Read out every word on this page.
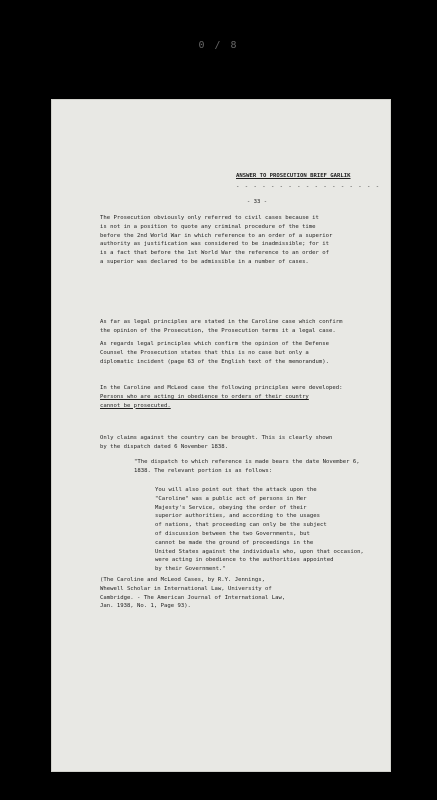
0 / 8
ANSWER TO PROSECUTION BRIEF GARLIK
- - - - - - - - - - - - - - - - -
- 33 -
The Prosecution obviously only referred to civil cases because it
is not in a position to quote any criminal procedure of the time
before the 2nd World War in which reference to an order of a superior
authority as justification was considered to be inadmissible; for it
is a fact that before the 1st World War the reference to an order of
a superior was declared to be admissible in a number of cases.
As far as legal principles are stated in the Caroline case which confirm
the opinion of the Prosecution, the Prosecution terms it a legal case.
As regards legal principles which confirm the opinion of the Defense
Counsel the Prosecution states that this is no case but only a
diplomatic incident (page 63 of the English text of the memorandum).
In the Caroline and McLeod case the following principles were developed:
Persons who are acting in obedience to orders of their country
cannot be prosecuted.
Only claims against the country can be brought. This is clearly shown
by the dispatch dated 6 November 1838.
"The dispatch to which reference is made bears the date November 6,
1838. The relevant portion is as follows:
You will also point out that the attack upon the
"Caroline" was a public act of persons in Her
Majesty's Service, obeying the order of their
superior authorities, and according to the usages
of nations, that proceeding can only be the subject
of discussion between the two Governments, but
cannot be made the ground of proceedings in the
United States against the individuals who, upon that occasion,
were acting in obedience to the authorities appointed
by their Government."
(The Caroline and McLeod Cases, by R.Y. Jennings,
Whewell Scholar in International Law, University of
Cambridge. - The American Journal of International Law,
Jan. 1938, No. 1, Page 93).
